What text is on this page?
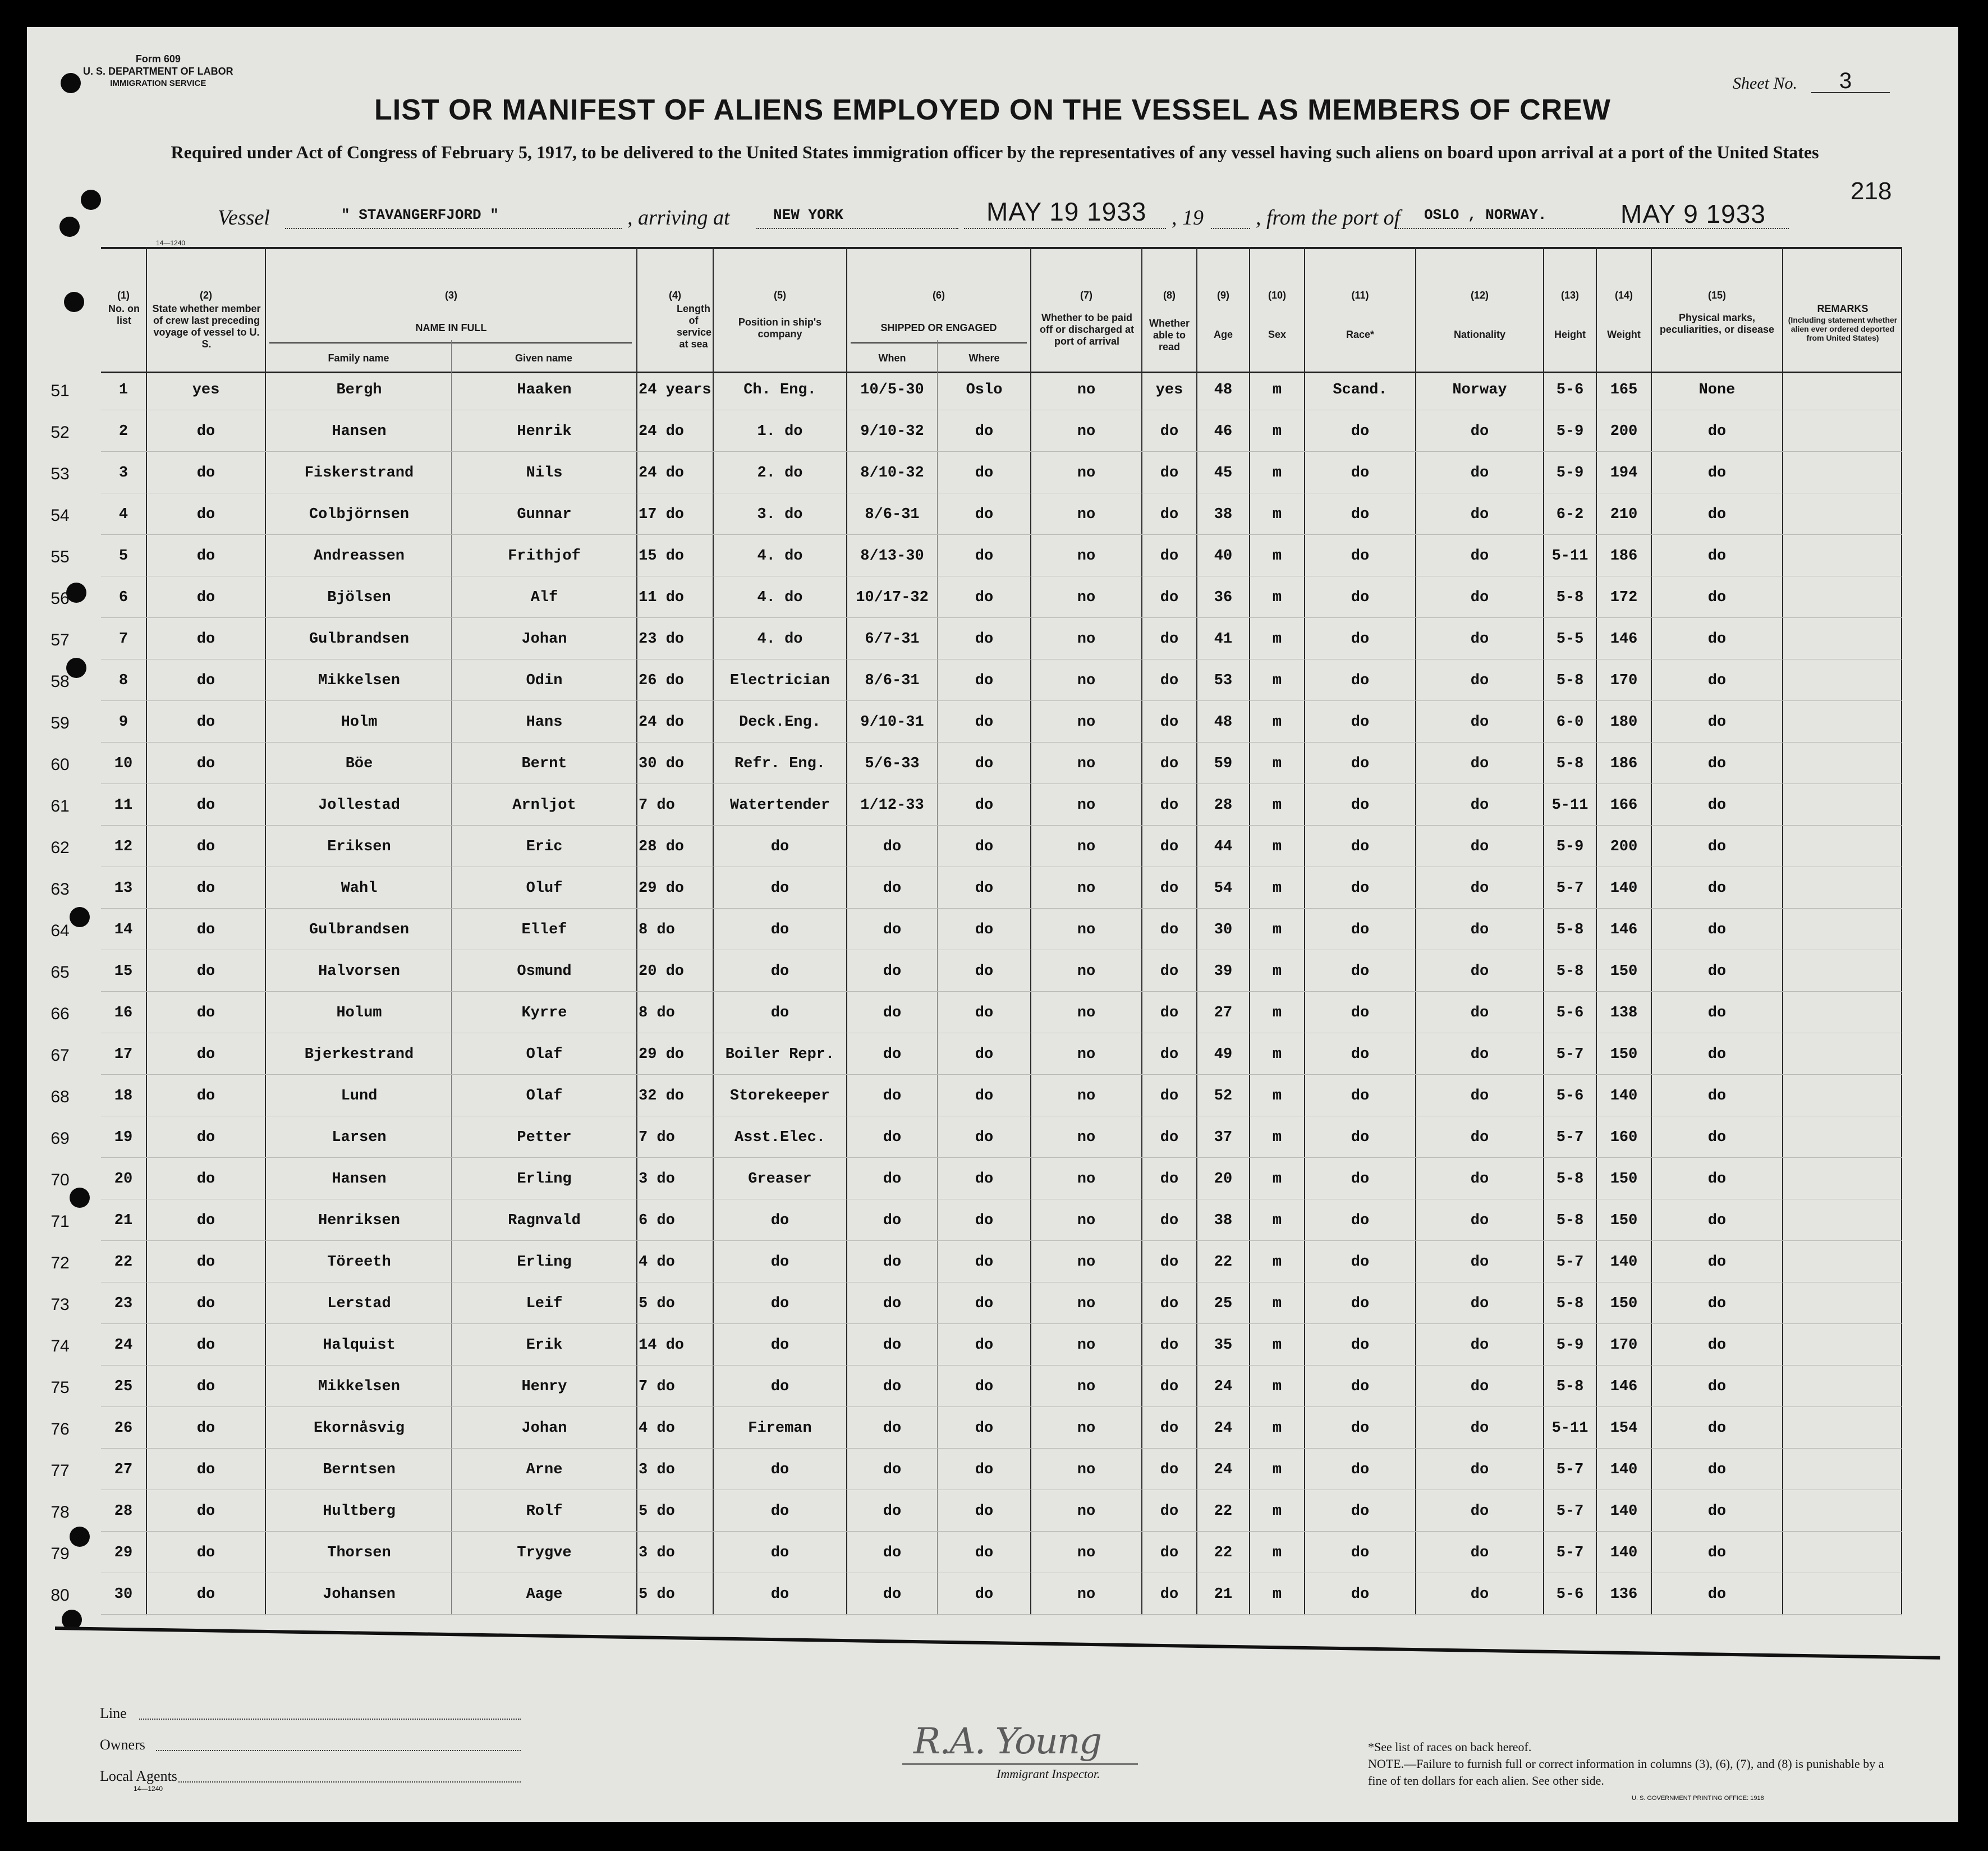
Form 609
U. S. DEPARTMENT OF LABOR
IMMIGRATION SERVICE
14—1240
Sheet No. 3
218
LIST OR MANIFEST OF ALIENS EMPLOYED ON THE VESSEL AS MEMBERS OF CREW
Required under Act of Congress of February 5, 1917, to be delivered to the United States immigration officer by the representatives of any vessel having such aliens on board upon arrival at a port of the United States
Vessel	" STAVANGERFJORD "	, arriving at	NEW YORK	MAY 19 1933 , 19 , from the port of OSLO , NORWAY.	MAY 9 1933
(1)
No. on list
(2)
State whether member of crew last preceding voyage of vessel to U. S.
(3)
NAME IN FULL
Family name	Given name
(4)
Length of service at sea
(5)
Position in ship's company
(6)
SHIPPED OR ENGAGED
When	Where
(7)
Whether to be paid off or discharged at port of arrival
(8)
Whether able to read
(9)
Age
(10)
Sex
(11)
Race*
(12)
Nationality
(13)
Height
(14)
Weight
(15)
Physical marks, peculiarities, or disease
REMARKS
(Including statement whether alien ever ordered deported from United States)
51	1	yes	Bergh	Haaken	24 years	Ch. Eng.	10/5-30	Oslo	no	yes	48	m	Scand.	Norway	5-6	165	None
52	2	do	Hansen	Henrik	24 do	1. do	9/10-32	do	no	do	46	m	do	do	5-9	200	do
53	3	do	Fiskerstrand	Nils	24 do	2. do	8/10-32	do	no	do	45	m	do	do	5-9	194	do
54	4	do	Colbjörnsen	Gunnar	17 do	3. do	8/6-31	do	no	do	38	m	do	do	6-2	210	do
55	5	do	Andreassen	Frithjof	15 do	4. do	8/13-30	do	no	do	40	m	do	do	5-11	186	do
56	6	do	Bjölsen	Alf	11 do	4. do	10/17-32	do	no	do	36	m	do	do	5-8	172	do
57	7	do	Gulbrandsen	Johan	23 do	4. do	6/7-31	do	no	do	41	m	do	do	5-5	146	do
58	8	do	Mikkelsen	Odin	26 do	Electrician	8/6-31	do	no	do	53	m	do	do	5-8	170	do
59	9	do	Holm	Hans	24 do	Deck.Eng.	9/10-31	do	no	do	48	m	do	do	6-0	180	do
60	10	do	Böe	Bernt	30 do	Refr. Eng.	5/6-33	do	no	do	59	m	do	do	5-8	186	do
61	11	do	Jollestad	Arnljot	7 do	Watertender	1/12-33	do	no	do	28	m	do	do	5-11	166	do
62	12	do	Eriksen	Eric	28 do	do	do	do	no	do	44	m	do	do	5-9	200	do
63	13	do	Wahl	Oluf	29 do	do	do	do	no	do	54	m	do	do	5-7	140	do
64	14	do	Gulbrandsen	Ellef	8 do	do	do	do	no	do	30	m	do	do	5-8	146	do
65	15	do	Halvorsen	Osmund	20 do	do	do	do	no	do	39	m	do	do	5-8	150	do
66	16	do	Holum	Kyrre	8 do	do	do	do	no	do	27	m	do	do	5-6	138	do
67	17	do	Bjerkestrand	Olaf	29 do	Boiler Repr.	do	do	no	do	49	m	do	do	5-7	150	do
68	18	do	Lund	Olaf	32 do	Storekeeper	do	do	no	do	52	m	do	do	5-6	140	do
69	19	do	Larsen	Petter	7 do	Asst.Elec.	do	do	no	do	37	m	do	do	5-7	160	do
70	20	do	Hansen	Erling	3 do	Greaser	do	do	no	do	20	m	do	do	5-8	150	do
71	21	do	Henriksen	Ragnvald	6 do	do	do	do	no	do	38	m	do	do	5-8	150	do
72	22	do	Töreeth	Erling	4 do	do	do	do	no	do	22	m	do	do	5-7	140	do
73	23	do	Lerstad	Leif	5 do	do	do	do	no	do	25	m	do	do	5-8	150	do
74	24	do	Halquist	Erik	14 do	do	do	do	no	do	35	m	do	do	5-9	170	do
75	25	do	Mikkelsen	Henry	7 do	do	do	do	no	do	24	m	do	do	5-8	146	do
76	26	do	Ekornåsvig	Johan	4 do	Fireman	do	do	no	do	24	m	do	do	5-11	154	do
77	27	do	Berntsen	Arne	3 do	do	do	do	no	do	24	m	do	do	5-7	140	do
78	28	do	Hultberg	Rolf	5 do	do	do	do	no	do	22	m	do	do	5-7	140	do
79	29	do	Thorsen	Trygve	3 do	do	do	do	no	do	22	m	do	do	5-7	140	do
80	30	do	Johansen	Aage	5 do	do	do	do	no	do	21	m	do	do	5-6	136	do
Line
Owners
Local Agents
14—1240
R.A. Young
Immigrant Inspector.
*See list of races on back hereof.
NOTE.—Failure to furnish full or correct information in columns (3), (6), (7), and (8) is punishable by a fine of ten dollars for each alien. See other side.
U. S. GOVERNMENT PRINTING OFFICE: 1918
